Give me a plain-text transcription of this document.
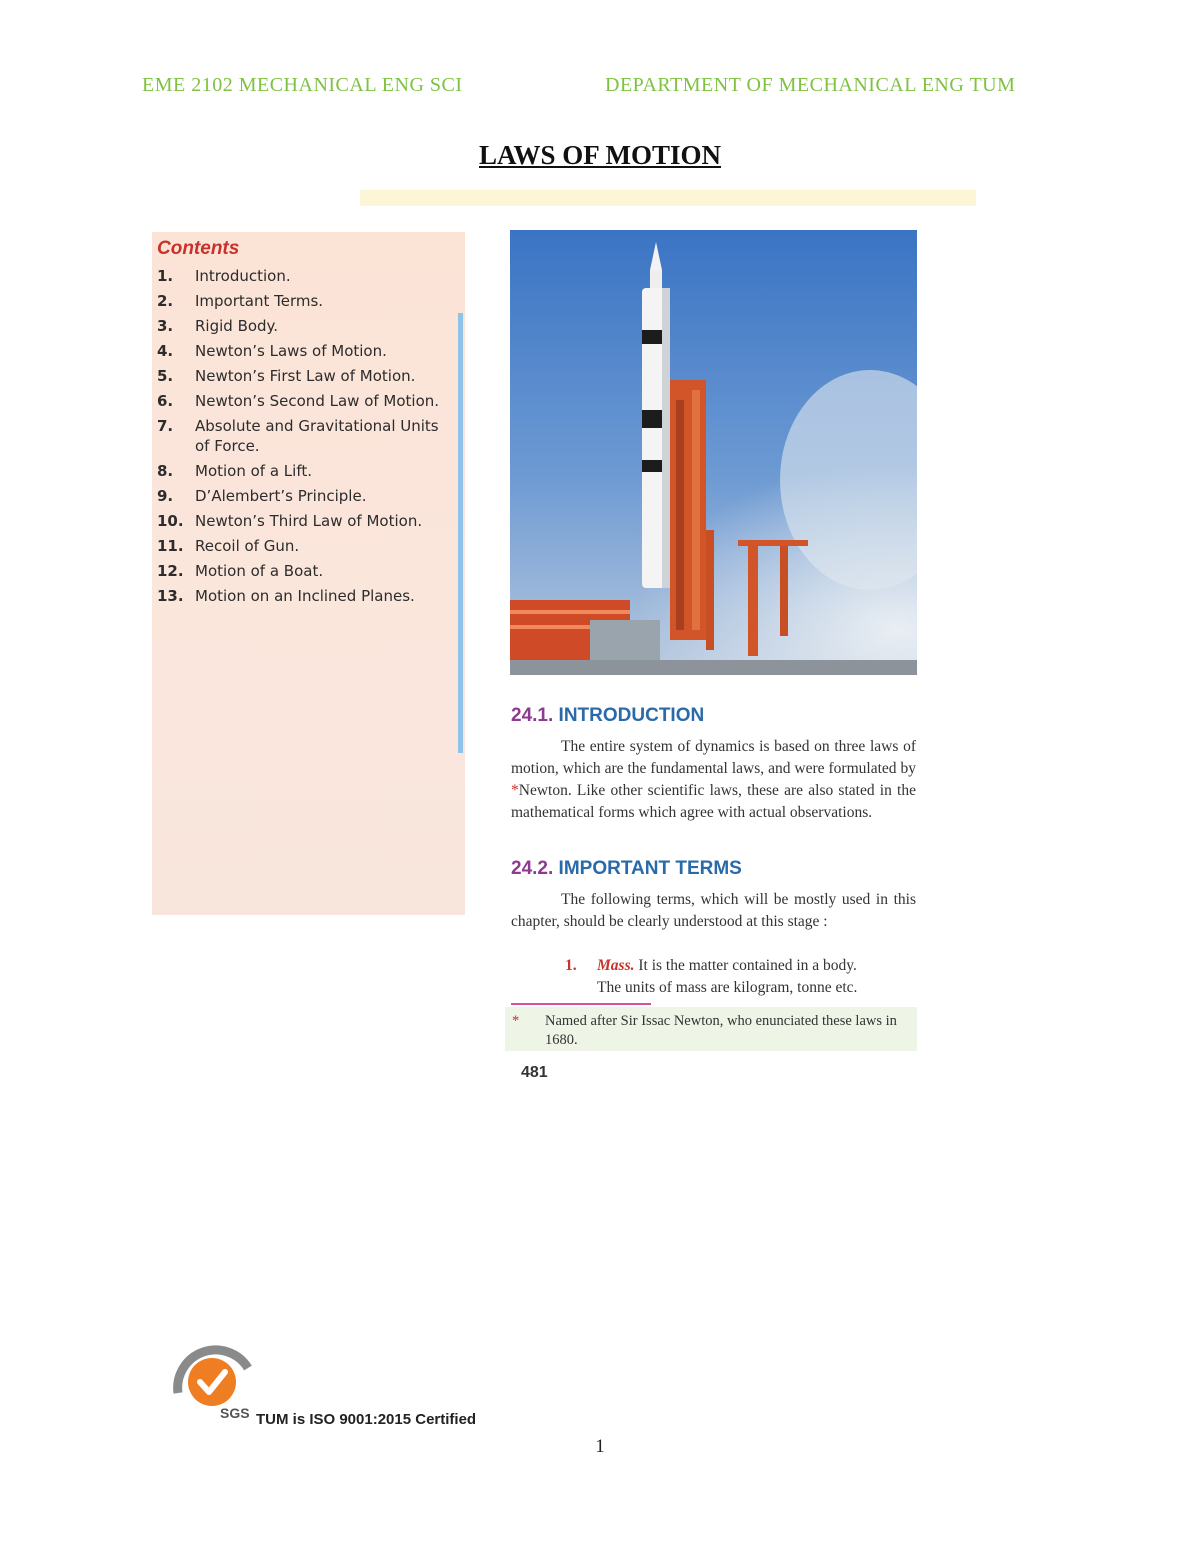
EME 2102 MECHANICAL ENG SCI	DEPARTMENT OF MECHANICAL ENG TUM
LAWS OF MOTION
Contents
1.	Introduction.
2.	Important Terms.
3.	Rigid Body.
4.	Newton’s Laws of Motion.
5.	Newton’s First Law of Motion.
6.	Newton’s Second Law of Motion.
7.	Absolute and Gravitational Units of Force.
8.	Motion of a Lift.
9.	D’Alembert’s Principle.
10. Newton’s Third Law of Motion.
11. Recoil of Gun.
12. Motion of a Boat.
13. Motion on an Inclined Planes.
24.1. INTRODUCTION

The entire system of dynamics is based on three laws of motion, which are the fundamental laws, and were formulated by *Newton. Like other scientific laws, these are also stated in the mathematical forms which agree with actual observations.

24.2. IMPORTANT TERMS

The following terms, which will be mostly used in this chapter, should be clearly understood at this stage :

1. Mass. It is the matter contained in a body.
The units of mass are kilogram, tonne etc.
* Named after Sir Issac Newton, who enunciated these laws in 1680.
481
SGS TUM is ISO 9001:2015 Certified
1
